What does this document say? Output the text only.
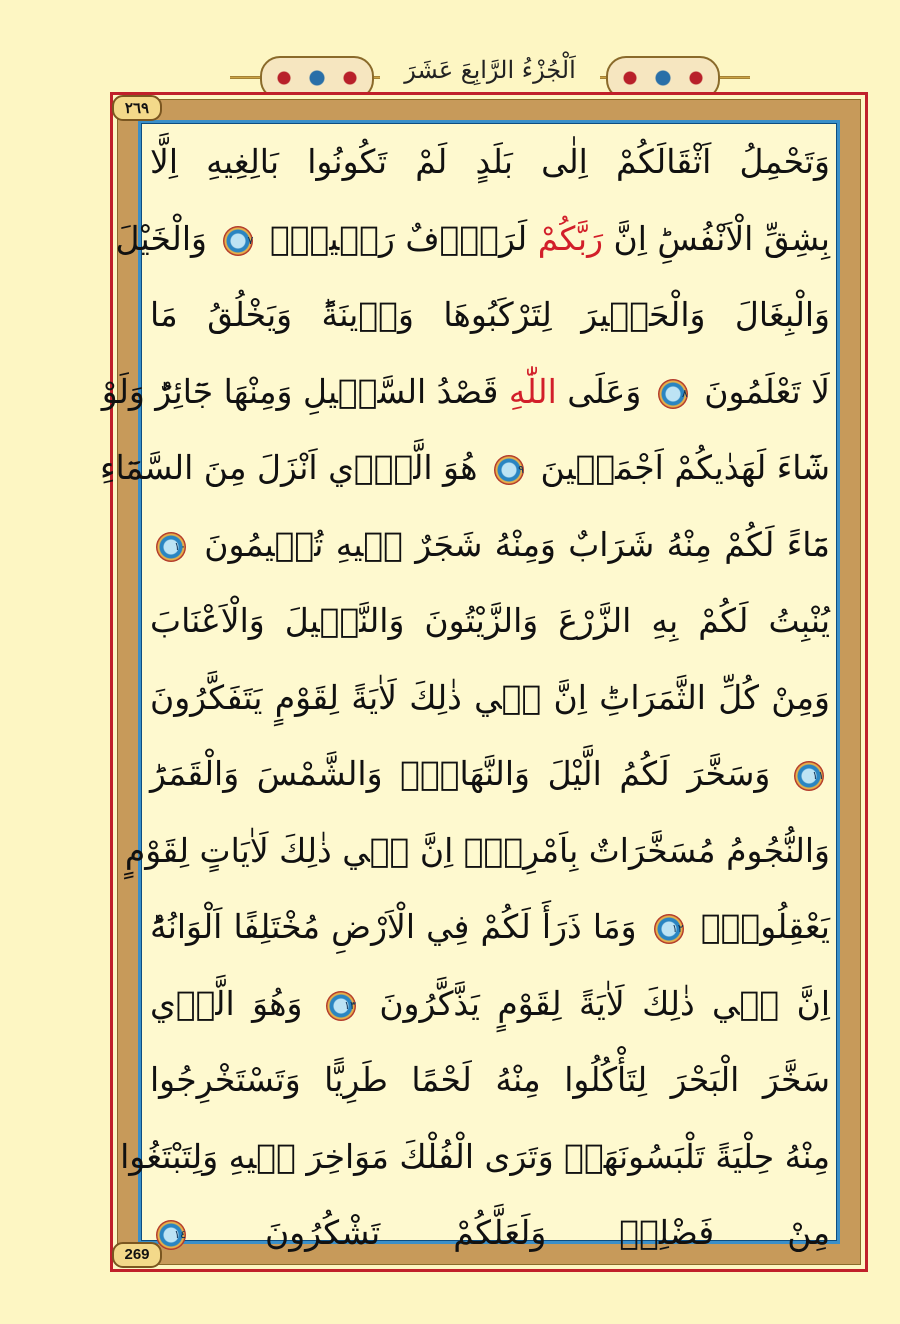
اَلْجُزْءُ الرَّابِعَ عَشَرَ
٢٦٩
269
وَتَحْمِلُ اَثْقَالَكُمْ اِلٰى بَلَدٍ لَمْ تَكُونُوا بَالِغِيهِ اِلَّا
بِشِقِّ الْاَنْفُسِؕ اِنَّ رَبَّكُمْ لَرَؤُ۫فٌ رَح۪يمٌۙ ٧ وَالْخَيْلَ
وَالْبِغَالَ وَالْحَم۪يرَ لِتَرْكَبُوهَا وَز۪ينَةًؕ وَيَخْلُقُ مَا
لَا تَعْلَمُونَ ٨ وَعَلَى اللّٰهِ قَصْدُ السَّب۪يلِ وَمِنْهَا جَٓائِرٌؕ وَلَوْ
شَٓاءَ لَهَدٰيكُمْ اَجْمَع۪ينَ ٩ هُوَ الَّذ۪ٓي اَنْزَلَ مِنَ السَّمَٓاءِ
مَٓاءً لَكُمْ مِنْهُ شَرَابٌ وَمِنْهُ شَجَرٌ ف۪يهِ تُس۪يمُونَ ١٠
يُنْبِتُ لَكُمْ بِهِ الزَّرْعَ وَالزَّيْتُونَ وَالنَّخ۪يلَ وَالْاَعْنَابَ
وَمِنْ كُلِّ الثَّمَرَاتِؕ اِنَّ ف۪ي ذٰلِكَ لَاٰيَةً لِقَوْمٍ يَتَفَكَّرُونَ
١١ وَسَخَّرَ لَكُمُ الَّيْلَ وَالنَّهَارَۙ وَالشَّمْسَ وَالْقَمَرَؕ
وَالنُّجُومُ مُسَخَّرَاتٌ بِاَمْرِه۪ؕ اِنَّ ف۪ي ذٰلِكَ لَاٰيَاتٍ لِقَوْمٍ
يَعْقِلُونَۙ ١٢ وَمَا ذَرَأَ لَكُمْ فِي الْاَرْضِ مُخْتَلِفًا اَلْوَانُهُؕ
اِنَّ ف۪ي ذٰلِكَ لَاٰيَةً لِقَوْمٍ يَذَّكَّرُونَ ١٣ وَهُوَ الَّذ۪ي
سَخَّرَ الْبَحْرَ لِتَأْكُلُوا مِنْهُ لَحْمًا طَرِيًّا وَتَسْتَخْرِجُوا
مِنْهُ حِلْيَةً تَلْبَسُونَهَاۚ وَتَرَى الْفُلْكَ مَوَاخِرَ ف۪يهِ وَلِتَبْتَغُوا
مِنْ فَضْلِه۪ وَلَعَلَّكُمْ تَشْكُرُونَ ١٤
